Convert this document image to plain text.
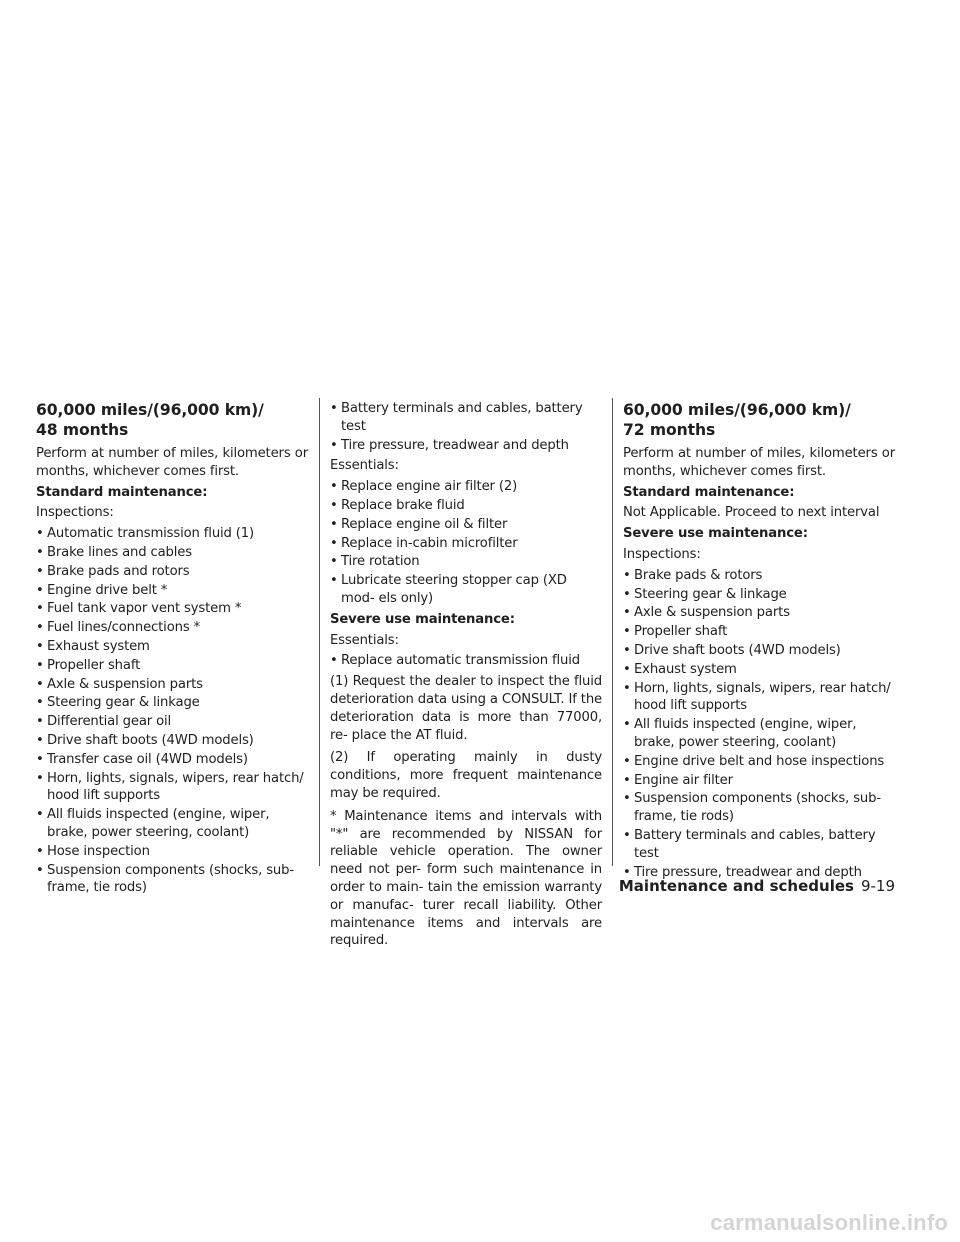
60,000 miles/(96,000 km)/
48 months

Perform at number of miles, kilometers or months, whichever comes first.

Standard maintenance:

Inspections:

• Automatic transmission fluid (1)
• Brake lines and cables
• Brake pads and rotors
• Engine drive belt *
• Fuel tank vapor vent system *
• Fuel lines/connections *
• Exhaust system
• Propeller shaft
• Axle & suspension parts
• Steering gear & linkage
• Differential gear oil
• Drive shaft boots (4WD models)
• Transfer case oil (4WD models)
• Horn, lights, signals, wipers, rear hatch/ hood lift supports
• All fluids inspected (engine, wiper, brake, power steering, coolant)
• Hose inspection
• Suspension components (shocks, sub- frame, tie rods)
• Battery terminals and cables, battery test
• Tire pressure, treadwear and depth

Essentials:

• Replace engine air filter (2)
• Replace brake fluid
• Replace engine oil & filter
• Replace in-cabin microfilter
• Tire rotation
• Lubricate steering stopper cap (XD mod- els only)

Severe use maintenance:

Essentials:

• Replace automatic transmission fluid

(1) Request the dealer to inspect the fluid deterioration data using a CONSULT. If the deterioration data is more than 77000, re- place the AT fluid.

(2) If operating mainly in dusty conditions, more frequent maintenance may be required.

* Maintenance items and intervals with "*" are recommended by NISSAN for reliable vehicle operation. The owner need not per- form such maintenance in order to main- tain the emission warranty or manufac- turer recall liability. Other maintenance items and intervals are required.

60,000 miles/(96,000 km)/
72 months

Perform at number of miles, kilometers or months, whichever comes first.

Standard maintenance:

Not Applicable. Proceed to next interval

Severe use maintenance:

Inspections:

• Brake pads & rotors
• Steering gear & linkage
• Axle & suspension parts
• Propeller shaft
• Drive shaft boots (4WD models)
• Exhaust system
• Horn, lights, signals, wipers, rear hatch/ hood lift supports
• All fluids inspected (engine, wiper, brake, power steering, coolant)
• Engine drive belt and hose inspections
• Engine air filter
• Suspension components (shocks, sub- frame, tie rods)
• Battery terminals and cables, battery test
• Tire pressure, treadwear and depth
Maintenance and schedules 9-19
carmanualsonline.info
